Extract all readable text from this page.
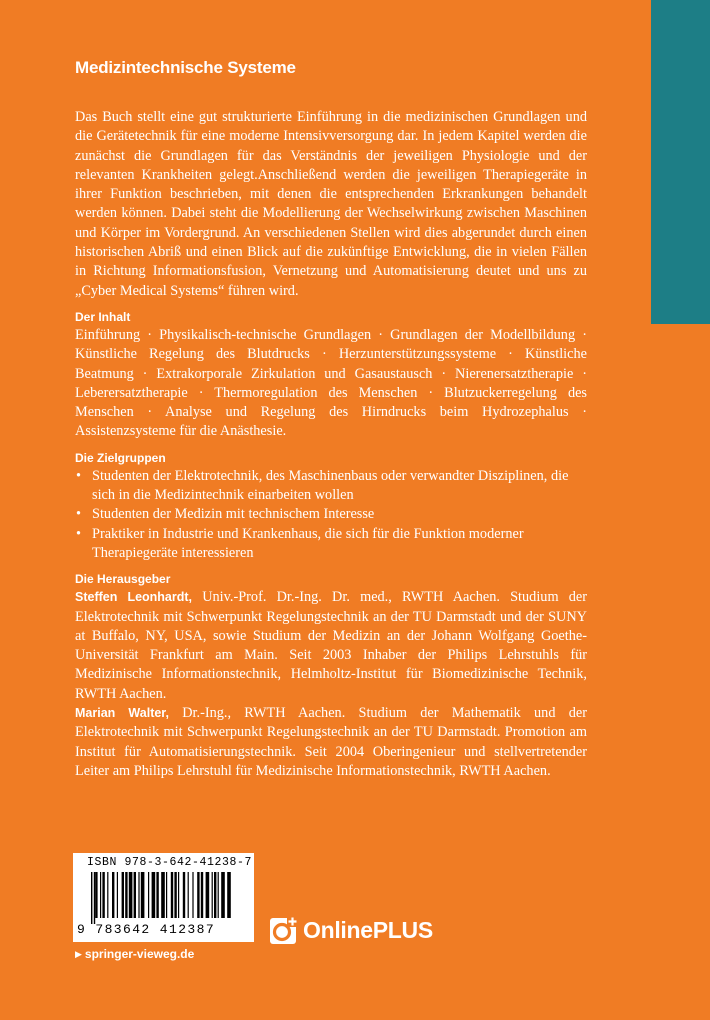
Medizintechnische Systeme

Das Buch stellt eine gut strukturierte Einführung in die medizinischen Grundlagen und die Gerätetechnik für eine moderne Intensivversorgung dar. In jedem Kapitel werden die zunächst die Grundlagen für das Verständnis der jeweiligen Physiologie und der relevanten Krankheiten gelegt.Anschließend werden die jeweiligen Therapiegeräte in ihrer Funktion beschrieben, mit denen die entsprechenden Erkrankungen behandelt werden können. Dabei steht die Modellierung der Wechselwirkung zwischen Maschinen und Körper im Vordergrund. An verschiedenen Stellen wird dies abgerundet durch einen historischen Abriß und einen Blick auf die zukünftige Entwicklung, die in vielen Fällen in Richtung Informationsfusion, Vernetzung und Automatisierung deutet und uns zu „Cyber Medical Systems“ führen wird.

Der Inhalt

Einführung · Physikalisch-technische Grundlagen · Grundlagen der Modellbildung · Künstliche Regelung des Blutdrucks · Herzunterstützungssysteme · Künstliche Beatmung · Extrakorporale Zirkulation und Gasaustausch · Nierenersatztherapie · Leberersatztherapie · Thermoregulation des Menschen · Blutzuckerregelung des Menschen · Analyse und Regelung des Hirndrucks beim Hydrozephalus · Assistenzsysteme für die Anästhesie.

Die Zielgruppen
• Studenten der Elektrotechnik, des Maschinenbaus oder verwandter Disziplinen, die sich in die Medizintechnik einarbeiten wollen
• Studenten der Medizin mit technischem Interesse
• Praktiker in Industrie und Krankenhaus, die sich für die Funktion moderner Therapiegeräte interessieren
Die Herausgeber

Steffen Leonhardt, Univ.-Prof. Dr.-Ing. Dr. med., RWTH Aachen. Studium der Elektrotechnik mit Schwerpunkt Regelungstechnik an der TU Darmstadt und der SUNY at Buffalo, NY, USA, sowie Studium der Medizin an der Johann Wolfgang Goethe-Universität Frankfurt am Main. Seit 2003 Inhaber der Philips Lehrstuhls für Medizinische Informationstechnik, Helmholtz-Institut für Biomedizinische Technik, RWTH Aachen.

Marian Walter, Dr.-Ing., RWTH Aachen. Studium der Mathematik und der Elektrotechnik mit Schwerpunkt Regelungstechnik an der TU Darmstadt. Promotion am Institut für Automatisierungstechnik. Seit 2004 Oberingenieur und stellvertretender Leiter am Philips Lehrstuhl für Medizinische Informationstechnik, RWTH Aachen.

ISBN 978-3-642-41238-7
9 783642 412387	OnlinePLUS
▶ springer-vieweg.de
